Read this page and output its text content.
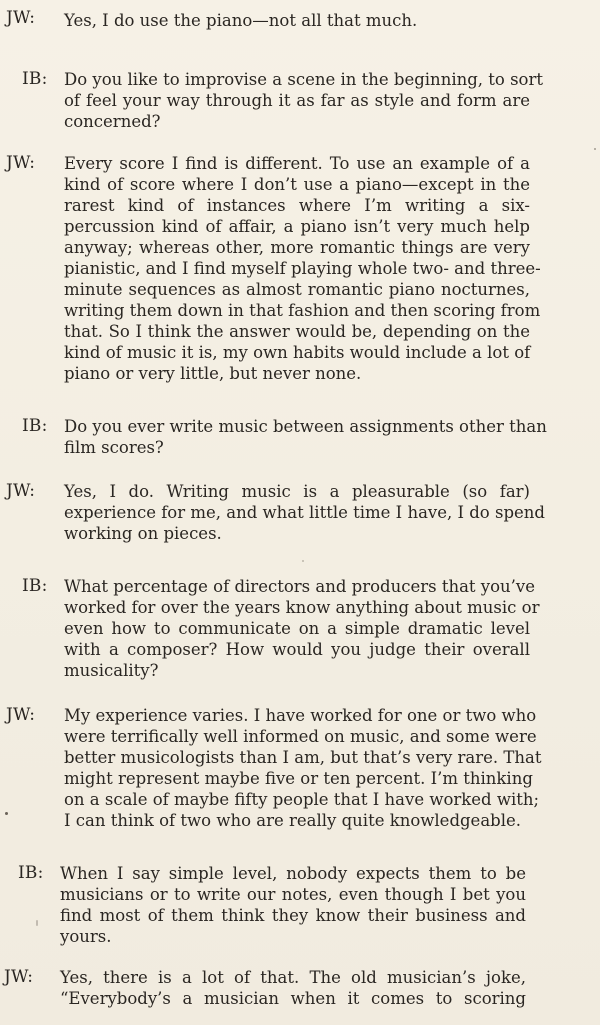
JW: Yes, I do use the piano—not all that much.
IB: Do you like to improvise a scene in the beginning, to sort
of feel your way through it as far as style and form are
concerned?
JW: Every score I find is different. To use an example of a
kind of score where I don’t use a piano—except in the
rarest kind of instances where I’m writing a six-
percussion kind of affair, a piano isn’t very much help
anyway; whereas other, more romantic things are very
pianistic, and I find myself playing whole two- and three-
minute sequences as almost romantic piano nocturnes,
writing them down in that fashion and then scoring from
that. So I think the answer would be, depending on the
kind of music it is, my own habits would include a lot of
piano or very little, but never none.
IB: Do you ever write music between assignments other than
film scores?
JW: Yes, I do. Writing music is a pleasurable (so far)
experience for me, and what little time I have, I do spend
working on pieces.
IB: What percentage of directors and producers that you’ve
worked for over the years know anything about music or
even how to communicate on a simple dramatic level
with a composer? How would you judge their overall
musicality?
JW: My experience varies. I have worked for one or two who
were terrifically well informed on music, and some were
better musicologists than I am, but that’s very rare. That
might represent maybe five or ten percent. I’m thinking
on a scale of maybe fifty people that I have worked with;
I can think of two who are really quite knowledgeable.
IB: When I say simple level, nobody expects them to be
musicians or to write our notes, even though I bet you
find most of them think they know their business and
yours.
JW: Yes, there is a lot of that. The old musician’s joke,
“Everybody’s a musician when it comes to scoring
